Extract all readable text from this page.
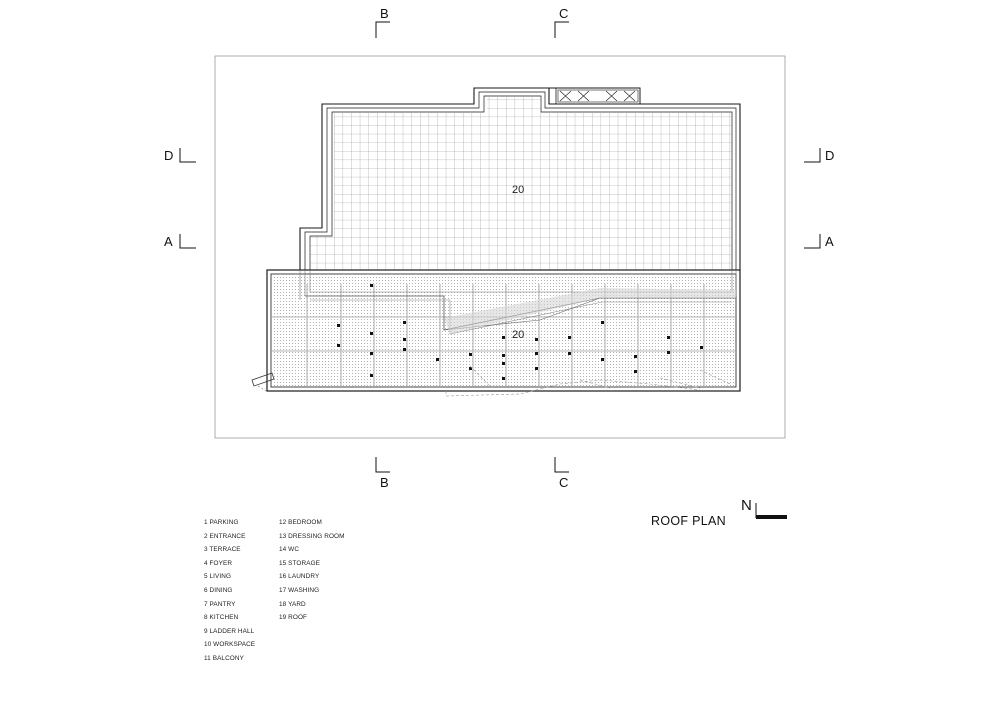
20
20
B	C
B	C
D
A
D
A
N
ROOF PLAN
1 PARKING
2 ENTRANCE
3 TERRACE
4 FOYER
5 LIVING
6 DINING
7 PANTRY
8 KITCHEN
9 LADDER HALL
10 WORKSPACE
11 BALCONY
12 BEDROOM
13 DRESSING ROOM
14 WC
15 STORAGE
16 LAUNDRY
17 WASHING
18 YARD
19 ROOF
